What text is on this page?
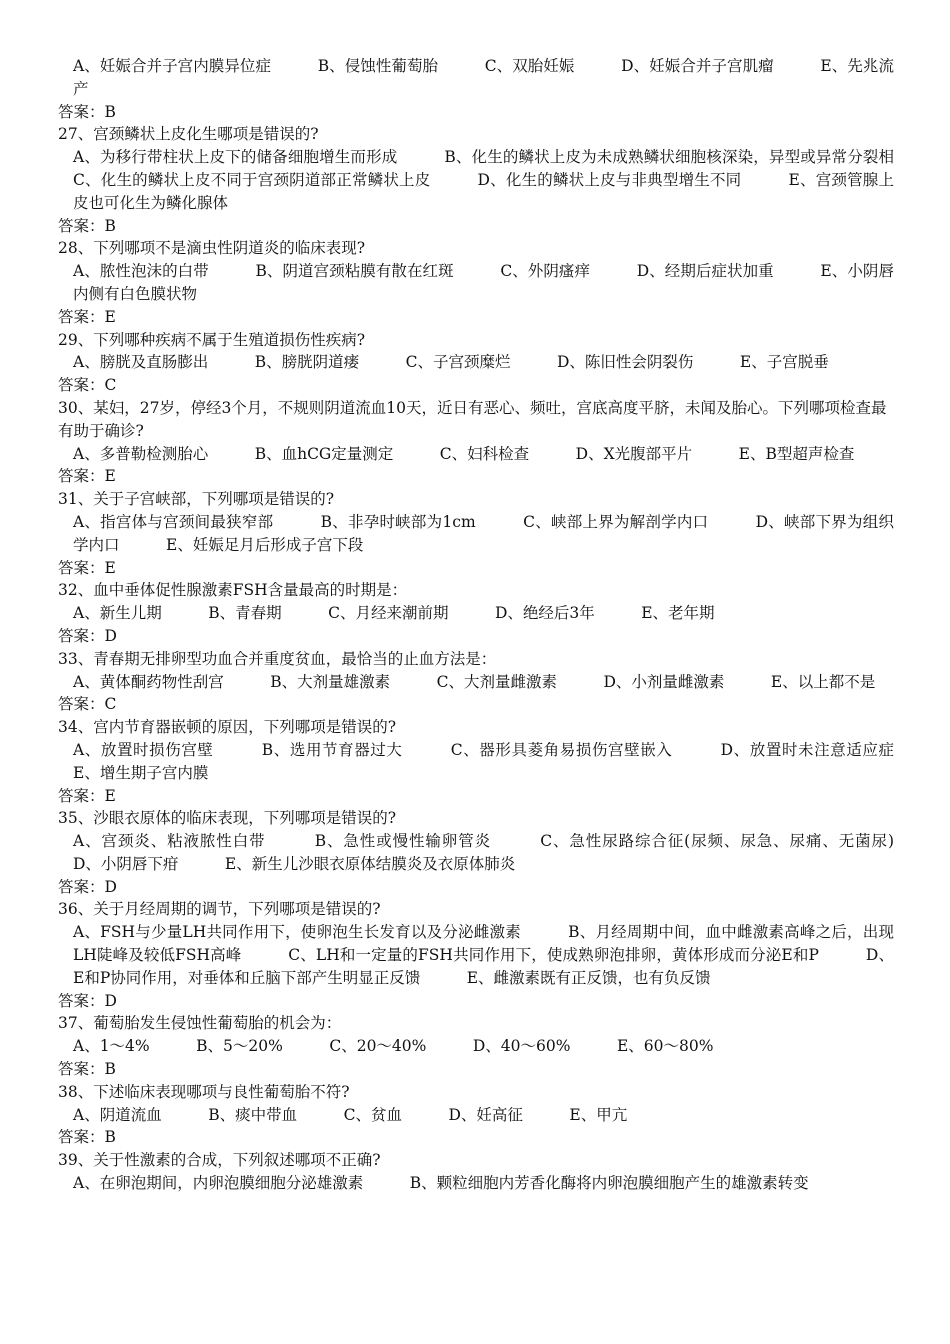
A、妊娠合并子宫内膜异位症　　　B、侵蚀性葡萄胎　　　C、双胎妊娠　　　D、妊娠合并子宫肌瘤　　　E、先兆流产

答案：B

27、宫颈鳞状上皮化生哪项是错误的?

A、为移行带柱状上皮下的储备细胞增生而形成　　　B、化生的鳞状上皮为未成熟鳞状细胞核深染，异型或异常分裂相　　　C、化生的鳞状上皮不同于宫颈阴道部正常鳞状上皮　　　D、化生的鳞状上皮与非典型增生不同　　　E、宫颈管腺上皮也可化生为鳞化腺体

答案：B

28、下列哪项不是滴虫性阴道炎的临床表现?

A、脓性泡沫的白带　　　B、阴道宫颈粘膜有散在红斑　　　C、外阴瘙痒　　　D、经期后症状加重　　　E、小阴唇内侧有白色膜状物

答案：E

29、下列哪种疾病不属于生殖道损伤性疾病?

A、膀胱及直肠膨出　　　B、膀胱阴道瘘　　　C、子宫颈糜烂　　　D、陈旧性会阴裂伤　　　E、子宫脱垂

答案：C

30、某妇，27岁，停经3个月，不规则阴道流血10天，近日有恶心、频吐，宫底高度平脐，未闻及胎心。下列哪项检查最有助于确诊?

A、多普勒检测胎心　　　B、血hCG定量测定　　　C、妇科检查　　　D、X光腹部平片　　　E、B型超声检查

答案：E

31、关于子宫峡部，下列哪项是错误的?

A、指宫体与宫颈间最狭窄部　　　B、非孕时峡部为1cm　　　C、峡部上界为解剖学内口　　　D、峡部下界为组织学内口　　　E、妊娠足月后形成子宫下段

答案：E

32、血中垂体促性腺激素FSH含量最高的时期是：

A、新生儿期　　　B、青春期　　　C、月经来潮前期　　　D、绝经后3年　　　E、老年期

答案：D

33、青春期无排卵型功血合并重度贫血，最恰当的止血方法是：

A、黄体酮药物性刮宫　　　B、大剂量雄激素　　　C、大剂量雌激素　　　D、小剂量雌激素　　　E、以上都不是

答案：C

34、宫内节育器嵌顿的原因，下列哪项是错误的?

A、放置时损伤宫壁　　　B、选用节育器过大　　　C、器形具菱角易损伤宫壁嵌入　　　D、放置时未注意适应症　　　E、增生期子宫内膜

答案：E

35、沙眼衣原体的临床表现，下列哪项是错误的?

A、宫颈炎、粘液脓性白带　　　B、急性或慢性输卵管炎　　　C、急性尿路综合征(尿频、尿急、尿痛、无菌尿)　　　D、小阴唇下疳　　　E、新生儿沙眼衣原体结膜炎及衣原体肺炎

答案：D

36、关于月经周期的调节，下列哪项是错误的?

A、FSH与少量LH共同作用下，使卵泡生长发育以及分泌雌激素　　　B、月经周期中间，血中雌激素高峰之后，出现LH陡峰及较低FSH高峰　　　C、LH和一定量的FSH共同作用下，使成熟卵泡排卵，黄体形成而分泌E和P　　　D、E和P协同作用，对垂体和丘脑下部产生明显正反馈　　　E、雌激素既有正反馈，也有负反馈

答案：D

37、葡萄胎发生侵蚀性葡萄胎的机会为：

A、1～4%　　　B、5～20%　　　C、20～40%　　　D、40～60%　　　E、60～80%

答案：B

38、下述临床表现哪项与良性葡萄胎不符?

A、阴道流血　　　B、痰中带血　　　C、贫血　　　D、妊高征　　　E、甲亢

答案：B

39、关于性激素的合成，下列叙述哪项不正确?

A、在卵泡期间，内卵泡膜细胞分泌雄激素　　　B、颗粒细胞内芳香化酶将内卵泡膜细胞产生的雄激素转变
